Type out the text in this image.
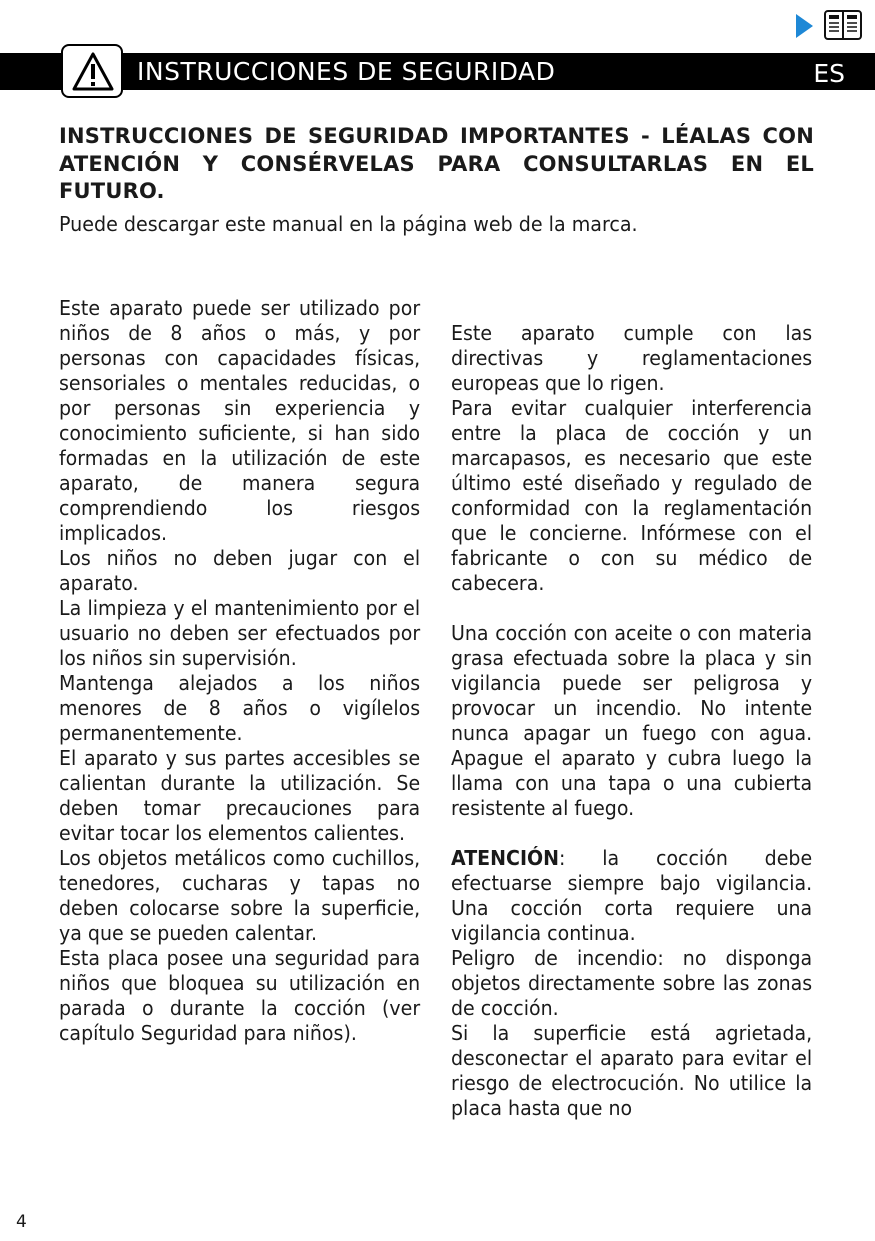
INSTRUCCIONES DE SEGURIDAD	ES
INSTRUCCIONES DE SEGURIDAD IMPORTANTES - LÉALAS CON ATENCIÓN Y CONSÉRVELAS PARA CONSULTARLAS EN EL FUTURO.
Puede descargar este manual en la página web de la marca.

Este aparato puede ser utilizado por niños de 8 años o más, y por personas con capacidades físicas, sensoriales o mentales reducidas, o por personas sin experiencia y conocimiento suficiente, si han sido formadas en la utilización de este aparato, de manera segura comprendiendo los riesgos implicados.

Los niños no deben jugar con el aparato.

La limpieza y el mantenimiento por el usuario no deben ser efectuados por los niños sin supervisión.

Mantenga alejados a los niños menores de 8 años o vigílelos permanentemente.

El aparato y sus partes accesibles se calientan durante la utilización. Se deben tomar precauciones para evitar tocar los elementos calientes.

Los objetos metálicos como cuchillos, tenedores, cucharas y tapas no deben colocarse sobre la superficie, ya que se pueden calentar.

Esta placa posee una seguridad para niños que bloquea su utilización en parada o durante la cocción (ver capítulo Seguridad para niños).

Este aparato cumple con las directivas y reglamentaciones europeas que lo rigen.

Para evitar cualquier interferencia entre la placa de cocción y un marcapasos, es necesario que este último esté diseñado y regulado de conformidad con la reglamentación que le concierne. Infórmese con el fabricante o con su médico de cabecera.

Una cocción con aceite o con materia grasa efectuada sobre la placa y sin vigilancia puede ser peligrosa y provocar un incendio. No intente nunca apagar un fuego con agua. Apague el aparato y cubra luego la llama con una tapa o una cubierta resistente al fuego.

ATENCIÓN: la cocción debe efectuarse siempre bajo vigilancia. Una cocción corta requiere una vigilancia continua.

Peligro de incendio: no disponga objetos directamente sobre las zonas de cocción.

Si la superficie está agrietada, desconectar el aparato para evitar el riesgo de electrocución. No utilice la placa hasta que no

4
